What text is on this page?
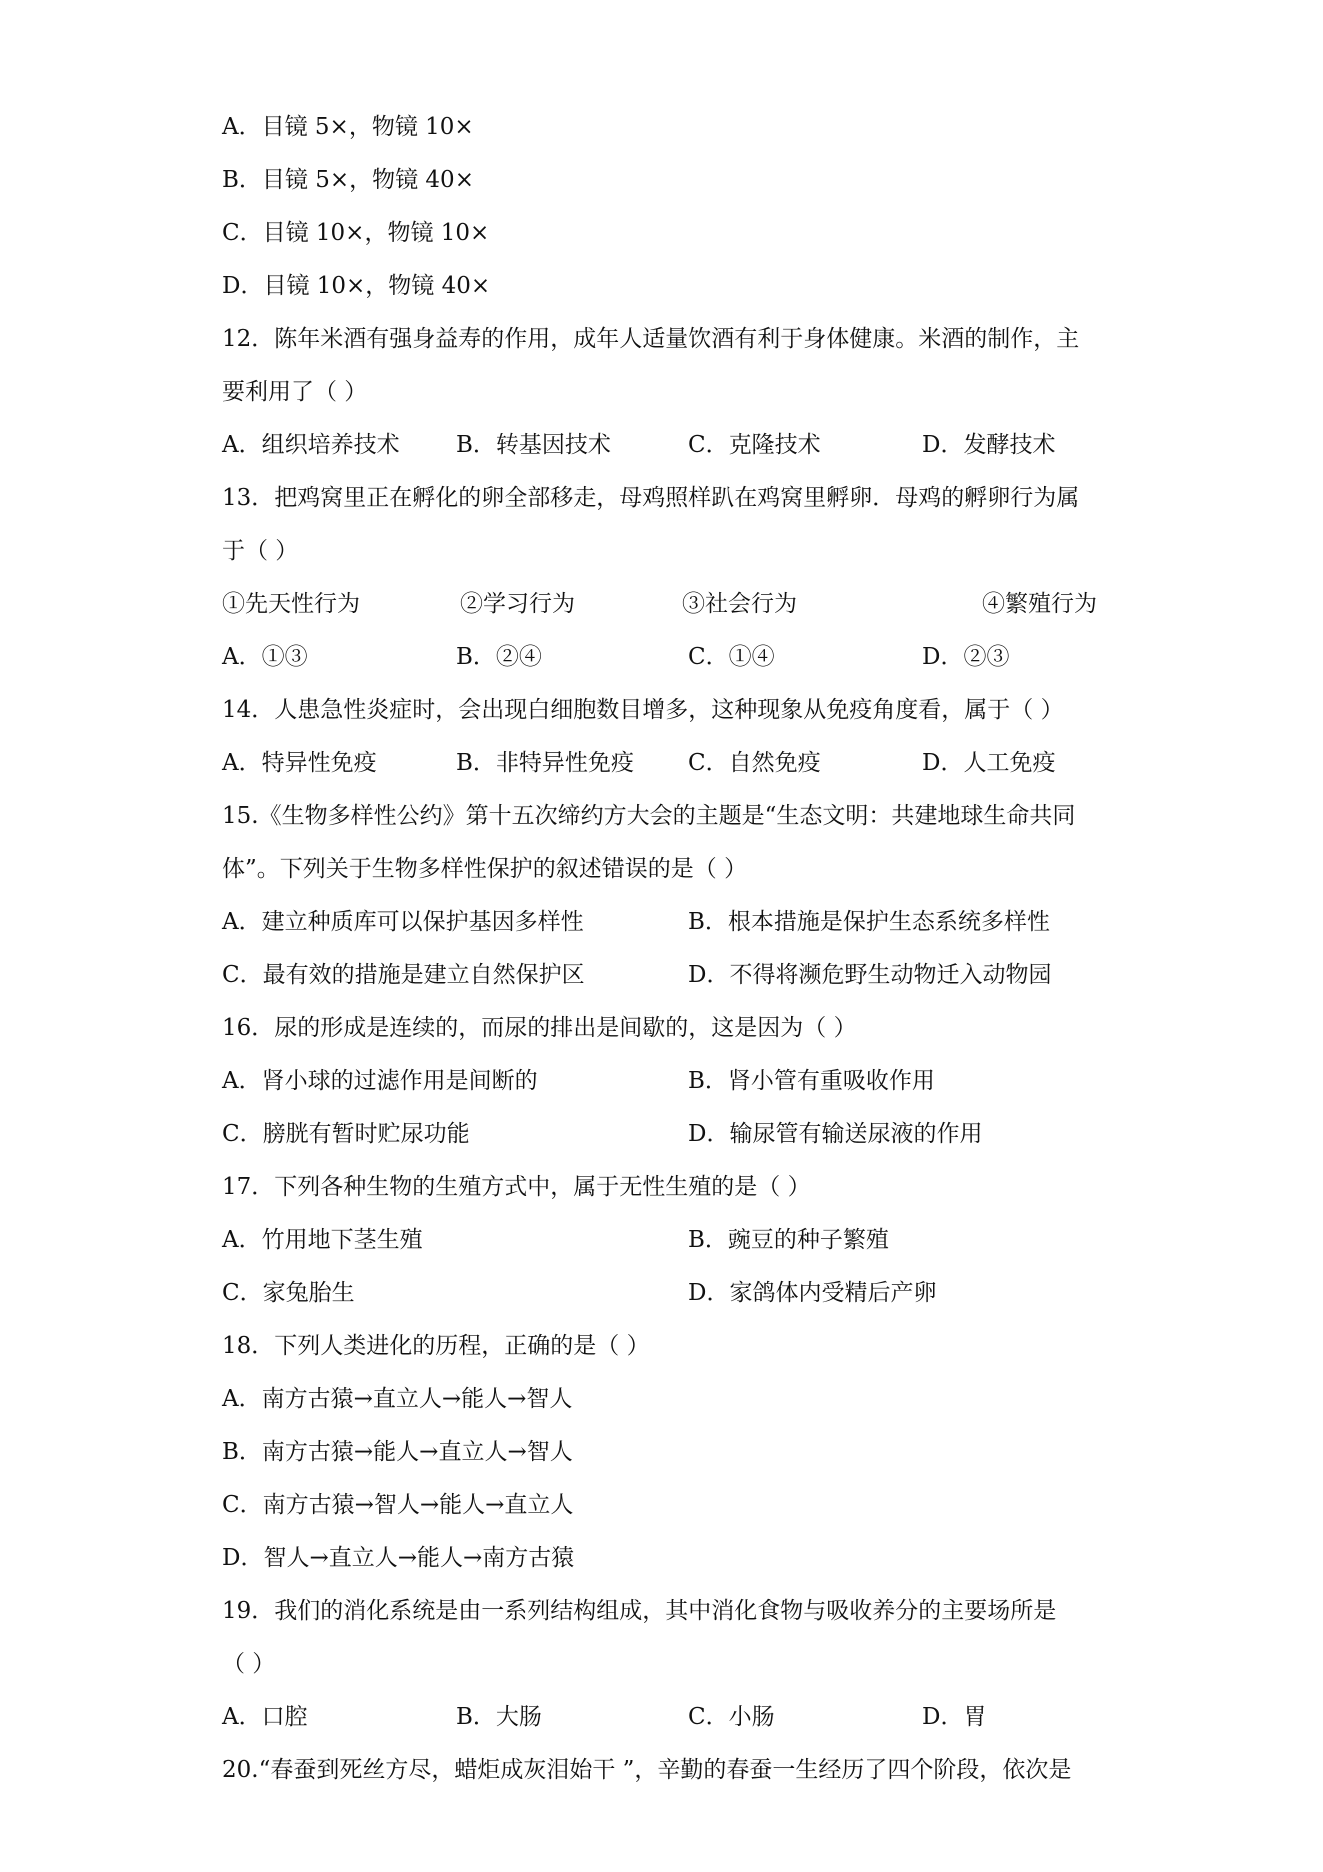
A．目镜 5×，物镜 10×
B．目镜 5×，物镜 40×
C．目镜 10×，物镜 10×
D．目镜 10×，物镜 40×
12．陈年米酒有强身益寿的作用，成年人适量饮酒有利于身体健康。米酒的制作，主
要利用了（ ）
A．组织培养技术 B．转基因技术	C．克隆技术	D．发酵技术
13．把鸡窝里正在孵化的卵全部移走，母鸡照样趴在鸡窝里孵卵．母鸡的孵卵行为属
于（ ）
①先天性行为	②学习行为	③社会行为	④繁殖行为
A．①③	B．②④	C．①④	D．②③
14．人患急性炎症时，会出现白细胞数目增多，这种现象从免疫角度看，属于（ ）
A．特异性免疫	B．非特异性免疫 C．自然免疫	D．人工免疫
15.《生物多样性公约》第十五次缔约方大会的主题是“生态文明：共建地球生命共同
体”。下列关于生物多样性保护的叙述错误的是（ ）
A．建立种质库可以保护基因多样性	B．根本措施是保护生态系统多样性
C．最有效的措施是建立自然保护区	D．不得将濒危野生动物迁入动物园
16．尿的形成是连续的，而尿的排出是间歇的，这是因为（ ）
A．肾小球的过滤作用是间断的	B．肾小管有重吸收作用
C．膀胱有暂时贮尿功能	D．输尿管有输送尿液的作用
17．下列各种生物的生殖方式中，属于无性生殖的是（ ）
A．竹用地下茎生殖	B．豌豆的种子繁殖
C．家兔胎生	D．家鸽体内受精后产卵
18．下列人类进化的历程，正确的是（ ）
A．南方古猿→直立人→能人→智人
B．南方古猿→能人→直立人→智人
C．南方古猿→智人→能人→直立人
D．智人→直立人→能人→南方古猿
19．我们的消化系统是由一系列结构组成，其中消化食物与吸收养分的主要场所是
（ ）
A．口腔	B．大肠	C．小肠	D．胃
20.“春蚕到死丝方尽，蜡炬成灰泪始干 ”，辛勤的春蚕一生经历了四个阶段，依次是
